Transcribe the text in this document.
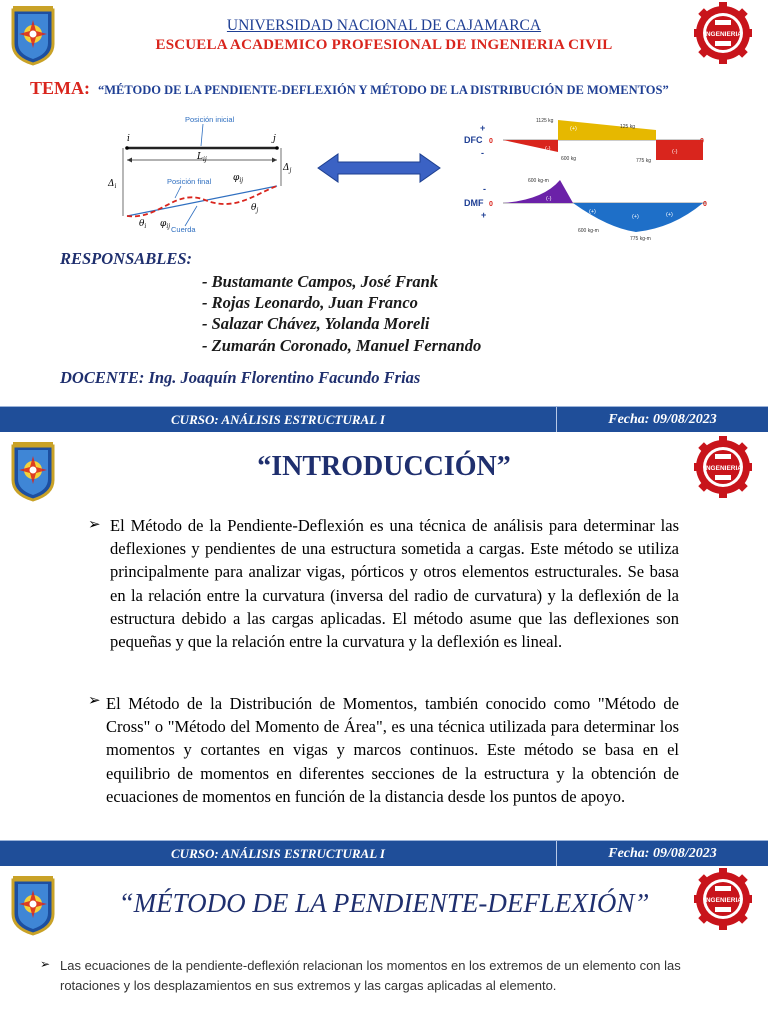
UNIVERSIDAD NACIONAL DE CAJAMARCA
ESCUELA ACADEMICO PROFESIONAL DE INGENIERIA CIVIL
INGENIERIA
TEMA: “MÉTODO DE LA PENDIENTE-DEFLEXIÓN Y MÉTODO DE LA DISTRIBUCIÓN DE MOMENTOS”
i	j
Posición inicial
$L_{ij}$
$\Delta_i$
$\Delta_j$
Posición final
Cuerda
$\varphi_{ij}$
$\varphi_{ij}$
$\theta_i$
$\theta_j$
+
DFC
-
0
(+)
(-)	(-)
1125 kg
125 kg
600 kg	775 kg
-
DMF
+
0	0
(-)
(+)
(+)	(+)
600 kg-m
600 kg-m
775 kg-m
RESPONSABLES:
- Bustamante Campos, José Frank
- Rojas Leonardo, Juan Franco
- Salazar Chávez, Yolanda Moreli
- Zumarán Coronado, Manuel Fernando
DOCENTE: Ing. Joaquín Florentino Facundo Frias
CURSO: ANÁLISIS ESTRUCTURAL I	Fecha: 09/08/2023
INGENIERIA
“INTRODUCCIÓN”
➢ El Método de la Pendiente-Deflexión es una técnica de análisis para determinar las deflexiones y pendientes de una estructura sometida a cargas. Este método se utiliza principalmente para analizar vigas, pórticos y otros elementos estructurales. Se basa en la relación entre la curvatura (inversa del radio de curvatura) y la deflexión de la estructura debido a las cargas aplicadas. El método asume que las deflexiones son pequeñas y que la relación entre la curvatura y la deflexión es lineal.
➢ El Método de la Distribución de Momentos, también conocido como "Método de Cross" o "Método del Momento de Área", es una técnica utilizada para determinar los momentos y cortantes en vigas y marcos continuos. Este método se basa en el equilibrio de momentos en diferentes secciones de la estructura y la obtención de ecuaciones de momentos en función de la distancia desde los puntos de apoyo.
CURSO: ANÁLISIS ESTRUCTURAL I	Fecha: 09/08/2023
INGENIERIA
“MÉTODO DE LA PENDIENTE-DEFLEXIÓN”
➢ Las ecuaciones de la pendiente-deflexión relacionan los momentos en los extremos de un elemento con las rotaciones y los desplazamientos en sus extremos y las cargas aplicadas al elemento.
